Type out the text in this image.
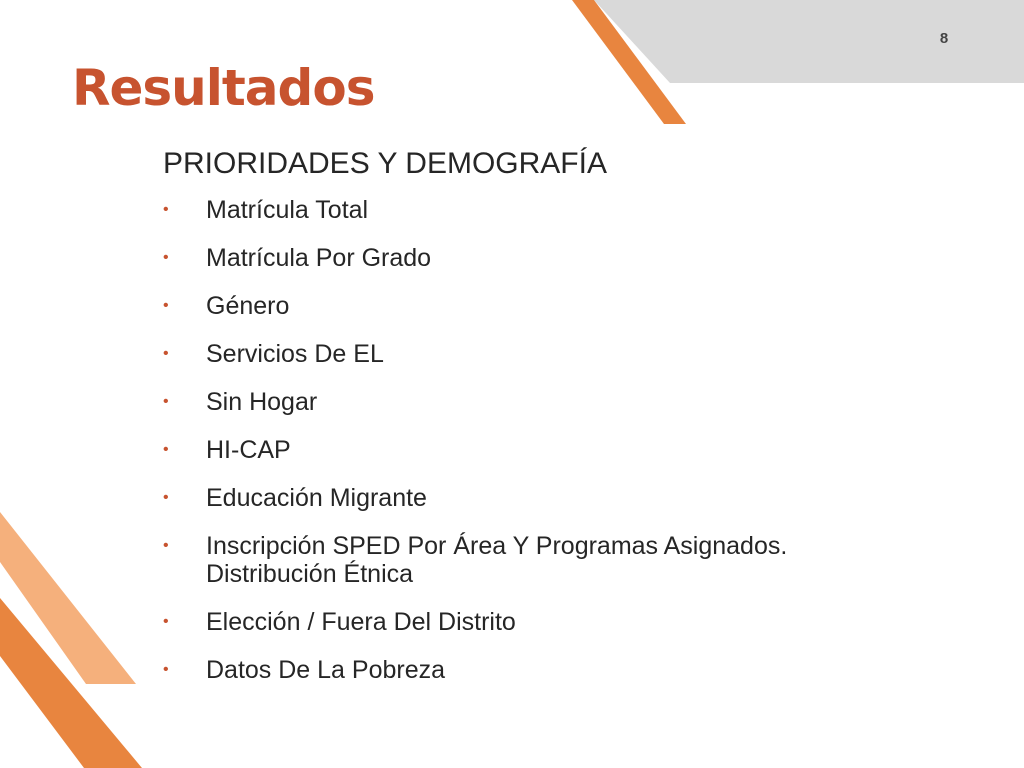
8
Resultados
PRIORIDADES Y DEMOGRAFÍA
• Matrícula Total
• Matrícula Por Grado
• Género
• Servicios De EL
• Sin Hogar
• HI-CAP
• Educación Migrante
• Inscripción SPED Por Área Y Programas Asignados.
Distribución Étnica
• Elección / Fuera Del Distrito
• Datos De La Pobreza
